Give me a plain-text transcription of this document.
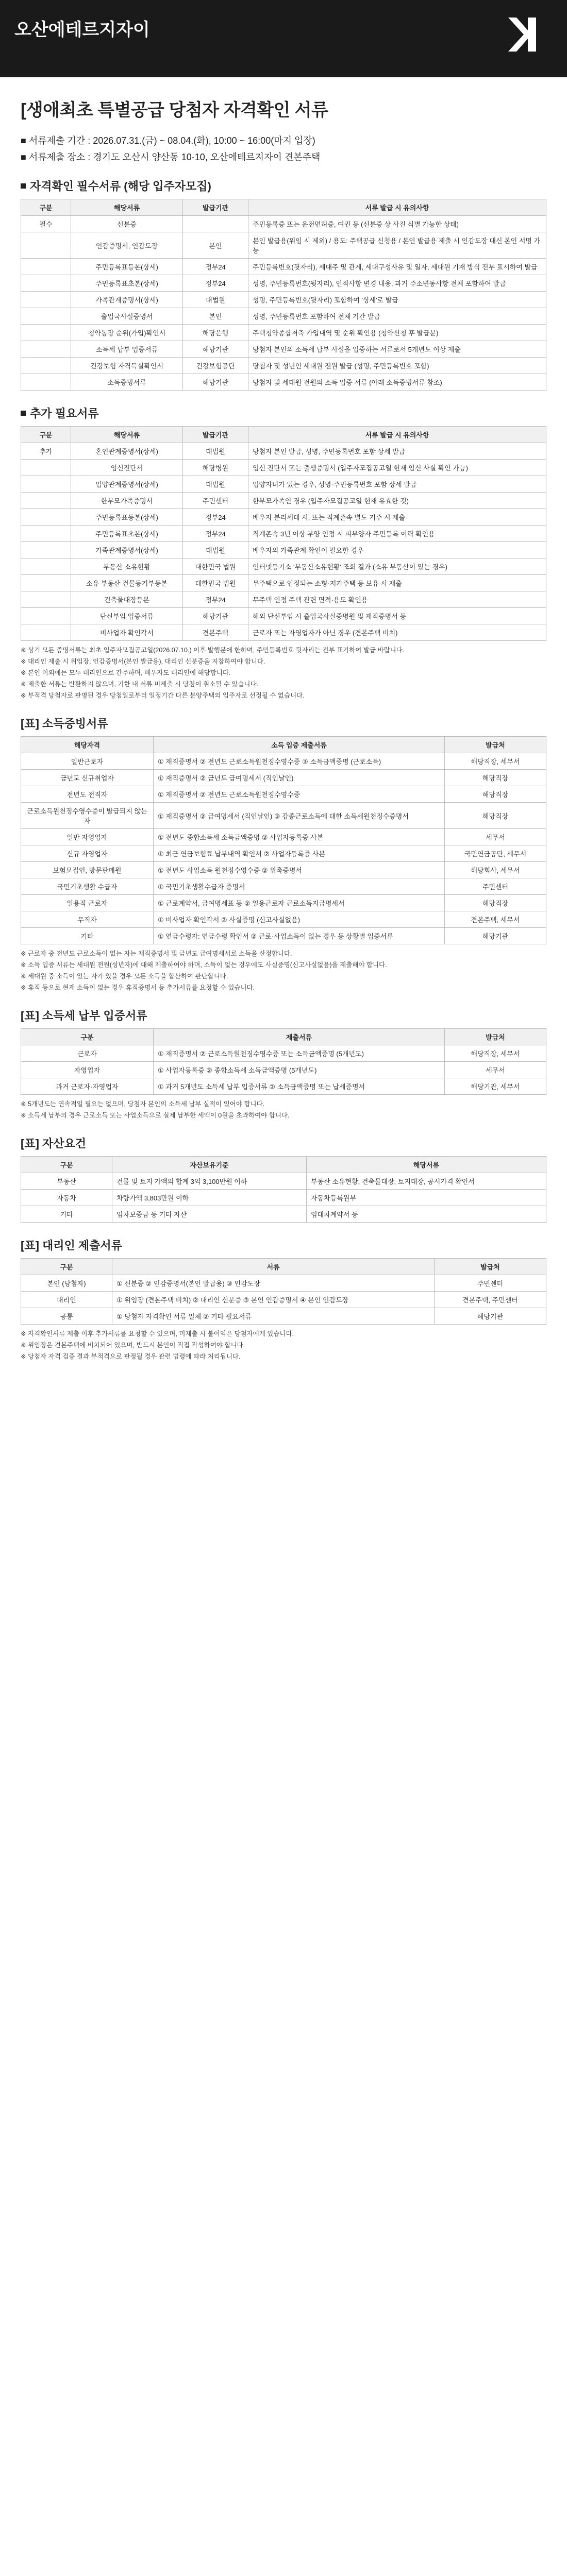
오산에테르지자이
[생애최초 특별공급 당첨자 자격확인 서류
■ 서류제출 기간 : 2026.07.31.(금) ~ 08.04.(화), 10:00 ~ 16:00(마지 입장)
■ 서류제출 장소 : 경기도 오산시 양산동 10-10, 오산에테르지자이 견본주택
자격확인 필수서류 (해당 입주자모집)
구분	해당서류	발급기관	서류 발급 시 유의사항
필수	신분증		주민등록증 또는 운전면허증, 여권 등 (신분증 상 사진 식별 가능한 상태)
	인감증명서, 인감도장	본인	본인 발급용(위임 시 제외) / 용도: 주택공급 신청용 / 본인 발급용 제출 시 인감도장 대신 본인 서명 가능
	주민등록표등본(상세)	정부24	주민등록번호(뒷자리), 세대주 및 관계, 세대구성사유 및 일자, 세대원 기재 방식 전부 표시하여 발급
	주민등록표초본(상세)	정부24	성명, 주민등록번호(뒷자리), 인적사항 변경 내용, 과거 주소변동사항 전체 포함하여 발급
	가족관계증명서(상세)	대법원	성명, 주민등록번호(뒷자리) 포함하여 '상세'로 발급
	출입국사실증명서	본인	성명, 주민등록번호 포함하여 전체 기간 발급
	청약통장 순위(가입)확인서	해당은행	주택청약종합저축 가입내역 및 순위 확인용 (청약신청 후 발급분)
	소득세 납부 입증서류	해당기관	당첨자 본인의 소득세 납부 사실을 입증하는 서류로서 5개년도 이상 제출
	건강보험 자격득실확인서	건강보험공단	당첨자 및 성년인 세대원 전원 발급 (성명, 주민등록번호 포함)
	소득증빙서류	해당기관	당첨자 및 세대원 전원의 소득 입증 서류 (아래 소득증빙서류 참조)
추가 필요서류
구분	해당서류	발급기관	서류 발급 시 유의사항
추가	혼인관계증명서(상세)	대법원	당첨자 본인 발급, 성명, 주민등록번호 포함 상세 발급
	임신진단서	해당병원	임신 진단서 또는 출생증명서 (입주자모집공고일 현재 임신 사실 확인 가능)
	입양관계증명서(상세)	대법원	입양자녀가 있는 경우, 성명·주민등록번호 포함 상세 발급
	한부모가족증명서	주민센터	한부모가족인 경우 (입주자모집공고일 현재 유효한 것)
	주민등록표등본(상세)	정부24	배우자 분리세대 시, 또는 직계존속 별도 거주 시 제출
	주민등록표초본(상세)	정부24	직계존속 3년 이상 부양 인정 시 피부양자 주민등록 이력 확인용
	가족관계증명서(상세)	대법원	배우자의 가족관계 확인이 필요한 경우
	부동산 소유현황	대한민국 법원	인터넷등기소 '부동산소유현황' 조회 결과 (소유 부동산이 있는 경우)
	소유 부동산 건물등기부등본	대한민국 법원	무주택으로 인정되는 소형·저가주택 등 보유 시 제출
	건축물대장등본	정부24	무주택 인정 주택 관련 면적·용도 확인용
	단신부임 입증서류	해당기관	해외 단신부임 시 출입국사실증명원 및 재직증명서 등
	비사업자 확인각서	견본주택	근로자 또는 자영업자가 아닌 경우 (견본주택 비치)

※ 상기 모든 증명서류는 최초 입주자모집공고일(2026.07.10.) 이후 발행분에 한하며, 주민등록번호 뒷자리는 전부 표기하여 발급 바랍니다.

※ 대리인 제출 시 위임장, 인감증명서(본인 발급용), 대리인 신분증을 지참하여야 합니다.

※ 본인 이외에는 모두 대리인으로 간주하며, 배우자도 대리인에 해당합니다.

※ 제출한 서류는 반환하지 않으며, 기한 내 서류 미제출 시 당첨이 취소될 수 있습니다.

※ 부적격 당첨자로 판명된 경우 당첨일로부터 일정기간 다른 분양주택의 입주자로 선정될 수 없습니다.

[표] 소득증빙서류
해당자격	소득 입증 제출서류	발급처
일반근로자	① 재직증명서 ② 전년도 근로소득원천징수영수증 ③ 소득금액증명 (근로소득)	해당직장, 세무서
금년도 신규취업자	① 재직증명서 ② 금년도 급여명세서 (직인날인)	해당직장
전년도 전직자	① 재직증명서 ② 전년도 근로소득원천징수영수증	해당직장
근로소득원천징수영수증이 발급되지 않는 자	① 재직증명서 ② 급여명세서 (직인날인) ③ 갑종근로소득에 대한 소득세원천징수증명서	해당직장
일반 자영업자	① 전년도 종합소득세 소득금액증명 ② 사업자등록증 사본	세무서
신규 자영업자	① 최근 연금보험료 납부내역 확인서 ② 사업자등록증 사본	국민연금공단, 세무서
보험모집인, 방문판매원	① 전년도 사업소득 원천징수영수증 ② 위촉증명서	해당회사, 세무서
국민기초생활 수급자	① 국민기초생활수급자 증명서	주민센터
일용직 근로자	① 근로계약서, 급여명세표 등 ② 일용근로자 근로소득지급명세서	해당직장
무직자	① 비사업자 확인각서 ② 사실증명 (신고사실없음)	견본주택, 세무서
기타	① 연금수령자: 연금수령 확인서 ② 근로·사업소득이 없는 경우 등 상황별 입증서류	해당기관

※ 근로자 중 전년도 근로소득이 없는 자는 재직증명서 및 금년도 급여명세서로 소득을 산정합니다.

※ 소득 입증 서류는 세대원 전원(성년자)에 대해 제출하여야 하며, 소득이 없는 경우에도 사실증명(신고사실없음)을 제출해야 합니다.

※ 세대원 중 소득이 있는 자가 있을 경우 모든 소득을 합산하여 판단합니다.

※ 휴직 등으로 현재 소득이 없는 경우 휴직증명서 등 추가서류를 요청할 수 있습니다.

[표] 소득세 납부 입증서류
구분	제출서류	발급처
근로자	① 재직증명서 ② 근로소득원천징수영수증 또는 소득금액증명 (5개년도)	해당직장, 세무서
자영업자	① 사업자등록증 ② 종합소득세 소득금액증명 (5개년도)	세무서
과거 근로자·자영업자	① 과거 5개년도 소득세 납부 입증서류 ② 소득금액증명 또는 납세증명서	해당기관, 세무서

※ 5개년도는 연속적일 필요는 없으며, 당첨자 본인의 소득세 납부 실적이 있어야 합니다.

※ 소득세 납부의 경우 근로소득 또는 사업소득으로 실제 납부한 세액이 0원을 초과하여야 합니다.

[표] 자산요건
구분	자산보유기준	해당서류
부동산	건물 및 토지 가액의 합계 3억 3,100만원 이하	부동산 소유현황, 건축물대장, 토지대장, 공시가격 확인서
자동차	차량가액 3,803만원 이하	자동차등록원부
기타	임차보증금 등 기타 자산	임대차계약서 등
[표] 대리인 제출서류
구분	서류	발급처
본인 (당첨자)	① 신분증 ② 인감증명서(본인 발급용) ③ 인감도장	주민센터
대리인	① 위임장 (견본주택 비치) ② 대리인 신분증 ③ 본인 인감증명서 ④ 본인 인감도장	견본주택, 주민센터
공통	① 당첨자 자격확인 서류 일체 ② 기타 필요서류	해당기관

※ 자격확인서류 제출 이후 추가서류를 요청할 수 있으며, 미제출 시 불이익은 당첨자에게 있습니다.

※ 위임장은 견본주택에 비치되어 있으며, 반드시 본인이 직접 작성하여야 합니다.

※ 당첨자 자격 검증 결과 부적격으로 판정될 경우 관련 법령에 따라 처리됩니다.
